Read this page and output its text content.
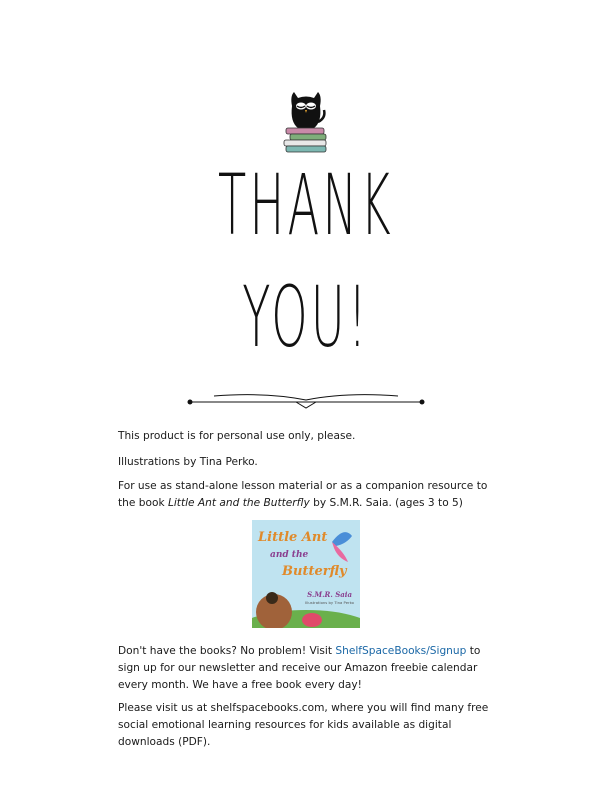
THANK
YOU!

This product is for personal use only, please.

Illustrations by Tina Perko.

For use as stand-alone lesson material or as a companion resource to the book Little Ant and the Butterfly by S.M.R. Saia. (ages 3 to 5)

Little Ant
and the
Butterfly
S.M.R. Saia
Illustrations by Tina Perko

Don't have the books? No problem! Visit ShelfSpaceBooks/Signup to sign up for our newsletter and receive our Amazon freebie calendar every month. We have a free book every day!

Please visit us at shelfspacebooks.com, where you will find many free social emotional learning resources for kids available as digital downloads (PDF).
